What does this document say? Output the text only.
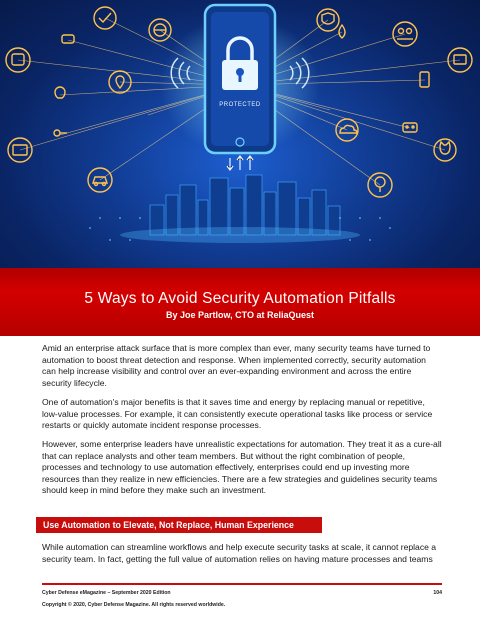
PROTECTED
5 Ways to Avoid Security Automation Pitfalls
By Joe Partlow, CTO at ReliaQuest

Amid an enterprise attack surface that is more complex than ever, many security teams have turned to automation to boost threat detection and response. When implemented correctly, security automation can help increase visibility and control over an ever-expanding environment and across the entire security lifecycle.

One of automation's major benefits is that it saves time and energy by replacing manual or repetitive, low-value processes. For example, it can consistently execute operational tasks like process or service restarts or quickly automate incident response processes.

However, some enterprise leaders have unrealistic expectations for automation. They treat it as a cure-all that can replace analysts and other team members. But without the right combination of people, processes and technology to use automation effectively, enterprises could end up investing more resources than they realize in new efficiencies. There are a few strategies and guidelines security teams should keep in mind before they make such an investment.

Use Automation to Elevate, Not Replace, Human Experience

While automation can streamline workflows and help execute security tasks at scale, it cannot replace a security team. In fact, getting the full value of automation relies on having mature processes and teams

Cyber Defense eMagazine – September 2020 Edition	104
Copyright © 2020, Cyber Defense Magazine. All rights reserved worldwide.
